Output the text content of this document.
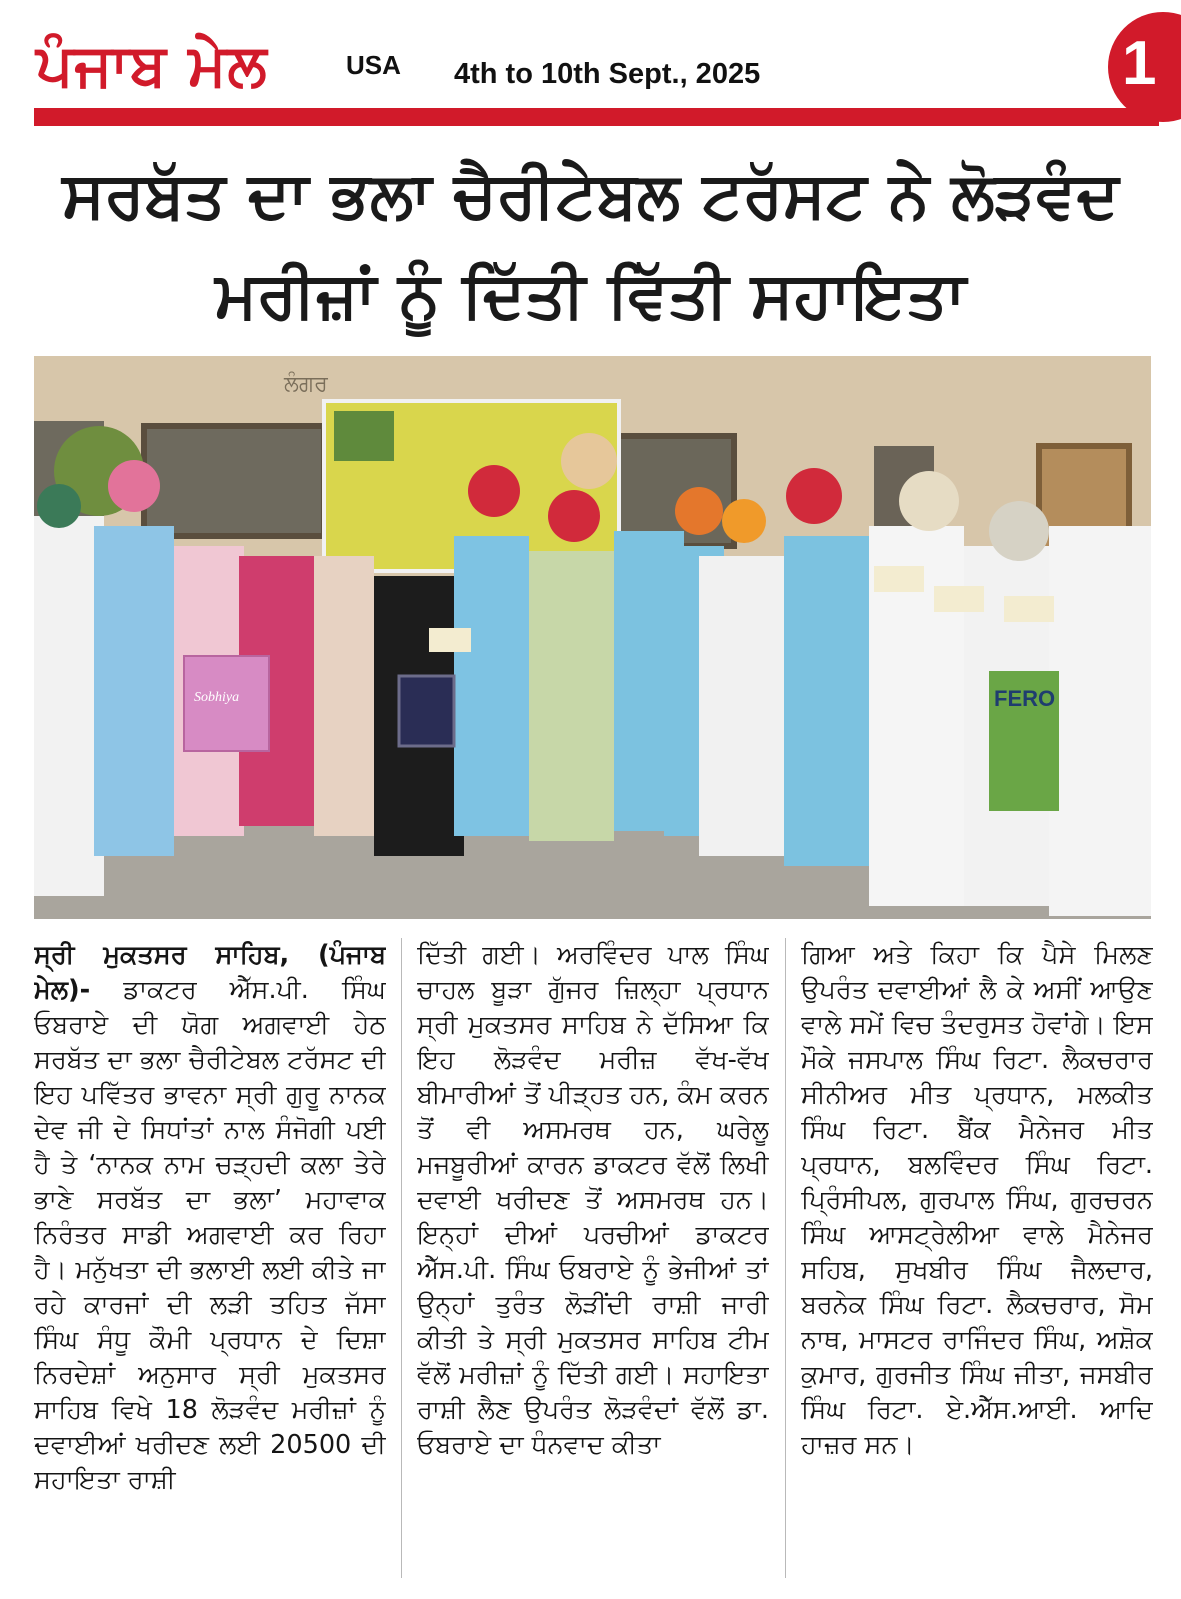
ਪੰਜਾਬ ਮੇਲ	USA 4th to 10th Sept., 2025	1
ਸਰਬੱਤ ਦਾ ਭਲਾ ਚੈਰੀਟੇਬਲ ਟਰੱਸਟ ਨੇ ਲੋੜਵੰਦ
ਮਰੀਜ਼ਾਂ ਨੂੰ ਦਿੱਤੀ ਵਿੱਤੀ ਸਹਾਇਤਾ
ਲੰਗਰ
Sobhiya	FERO
ਸ੍ਰੀ ਮੁਕਤਸਰ ਸਾਹਿਬ, (ਪੰਜਾਬ ਮੇਲ)- ਡਾਕਟਰ ਐੱਸ.ਪੀ. ਸਿੰਘ ਓਬਰਾਏ ਦੀ ਯੋਗ ਅਗਵਾਈ ਹੇਠ ਸਰਬੱਤ ਦਾ ਭਲਾ ਚੈਰੀਟੇਬਲ ਟਰੱਸਟ ਦੀ ਇਹ ਪਵਿੱਤਰ ਭਾਵਨਾ ਸ੍ਰੀ ਗੁਰੂ ਨਾਨਕ ਦੇਵ ਜੀ ਦੇ ਸਿਧਾਂਤਾਂ ਨਾਲ ਸੰਜੋਗੀ ਪਈ ਹੈ ਤੇ ‘ਨਾਨਕ ਨਾਮ ਚੜ੍ਹਦੀ ਕਲਾ ਤੇਰੇ ਭਾਣੇ ਸਰਬੱਤ ਦਾ ਭਲਾ’ ਮਹਾਵਾਕ ਨਿਰੰਤਰ ਸਾਡੀ ਅਗਵਾਈ ਕਰ ਰਿਹਾ ਹੈ। ਮਨੁੱਖਤਾ ਦੀ ਭਲਾਈ ਲਈ ਕੀਤੇ ਜਾ ਰਹੇ ਕਾਰਜਾਂ ਦੀ ਲੜੀ ਤਹਿਤ ਜੱਸਾ ਸਿੰਘ ਸੰਧੂ ਕੌਮੀ ਪ੍ਰਧਾਨ ਦੇ ਦਿਸ਼ਾ ਨਿਰਦੇਸ਼ਾਂ ਅਨੁਸਾਰ ਸ੍ਰੀ ਮੁਕਤਸਰ ਸਾਹਿਬ ਵਿਖੇ 18 ਲੋੜਵੰਦ ਮਰੀਜ਼ਾਂ ਨੂੰ ਦਵਾਈਆਂ ਖਰੀਦਣ ਲਈ 20500 ਦੀ ਸਹਾਇਤਾ ਰਾਸ਼ੀ
ਦਿੱਤੀ ਗਈ। ਅਰਵਿੰਦਰ ਪਾਲ ਸਿੰਘ ਚਾਹਲ ਬੂੜਾ ਗੁੱਜਰ ਜ਼ਿਲ੍ਹਾ ਪ੍ਰਧਾਨ ਸ੍ਰੀ ਮੁਕਤਸਰ ਸਾਹਿਬ ਨੇ ਦੱਸਿਆ ਕਿ ਇਹ ਲੋੜਵੰਦ ਮਰੀਜ਼ ਵੱਖ-ਵੱਖ ਬੀਮਾਰੀਆਂ ਤੋਂ ਪੀੜ੍ਹਤ ਹਨ, ਕੰਮ ਕਰਨ ਤੋਂ ਵੀ ਅਸਮਰਥ ਹਨ, ਘਰੇਲੂ ਮਜਬੂਰੀਆਂ ਕਾਰਨ ਡਾਕਟਰ ਵੱਲੋਂ ਲਿਖੀ ਦਵਾਈ ਖਰੀਦਣ ਤੋਂ ਅਸਮਰਥ ਹਨ। ਇਨ੍ਹਾਂ ਦੀਆਂ ਪਰਚੀਆਂ ਡਾਕਟਰ ਐੱਸ.ਪੀ. ਸਿੰਘ ਓਬਰਾਏ ਨੂੰ ਭੇਜੀਆਂ ਤਾਂ ਉਨ੍ਹਾਂ ਤੁਰੰਤ ਲੋੜੀਂਦੀ ਰਾਸ਼ੀ ਜਾਰੀ ਕੀਤੀ ਤੇ ਸ੍ਰੀ ਮੁਕਤਸਰ ਸਾਹਿਬ ਟੀਮ ਵੱਲੋਂ ਮਰੀਜ਼ਾਂ ਨੂੰ ਦਿੱਤੀ ਗਈ। ਸਹਾਇਤਾ ਰਾਸ਼ੀ ਲੈਣ ਉਪਰੰਤ ਲੋੜਵੰਦਾਂ ਵੱਲੋਂ ਡਾ. ਓਬਰਾਏ ਦਾ ਧੰਨਵਾਦ ਕੀਤਾ
ਗਿਆ ਅਤੇ ਕਿਹਾ ਕਿ ਪੈਸੇ ਮਿਲਣ ਉਪਰੰਤ ਦਵਾਈਆਂ ਲੈ ਕੇ ਅਸੀਂ ਆਉਣ ਵਾਲੇ ਸਮੇਂ ਵਿਚ ਤੰਦਰੁਸਤ ਹੋਵਾਂਗੇ। ਇਸ ਮੌਕੇ ਜਸਪਾਲ ਸਿੰਘ ਰਿਟਾ. ਲੈਕਚਰਾਰ ਸੀਨੀਅਰ ਮੀਤ ਪ੍ਰਧਾਨ, ਮਲਕੀਤ ਸਿੰਘ ਰਿਟਾ. ਬੈਂਕ ਮੈਨੇਜਰ ਮੀਤ ਪ੍ਰਧਾਨ, ਬਲਵਿੰਦਰ ਸਿੰਘ ਰਿਟਾ. ਪ੍ਰਿੰਸੀਪਲ, ਗੁਰਪਾਲ ਸਿੰਘ, ਗੁਰਚਰਨ ਸਿੰਘ ਆਸਟ੍ਰੇਲੀਆ ਵਾਲੇ ਮੈਨੇਜਰ ਸਹਿਬ, ਸੁਖਬੀਰ ਸਿੰਘ ਜੈਲਦਾਰ, ਬਰਨੇਕ ਸਿੰਘ ਰਿਟਾ. ਲੈਕਚਰਾਰ, ਸੋਮ ਨਾਥ, ਮਾਸਟਰ ਰਾਜਿੰਦਰ ਸਿੰਘ, ਅਸ਼ੋਕ ਕੁਮਾਰ, ਗੁਰਜੀਤ ਸਿੰਘ ਜੀਤਾ, ਜਸਬੀਰ ਸਿੰਘ ਰਿਟਾ. ਏ.ਐੱਸ.ਆਈ. ਆਦਿ ਹਾਜ਼ਰ ਸਨ।
